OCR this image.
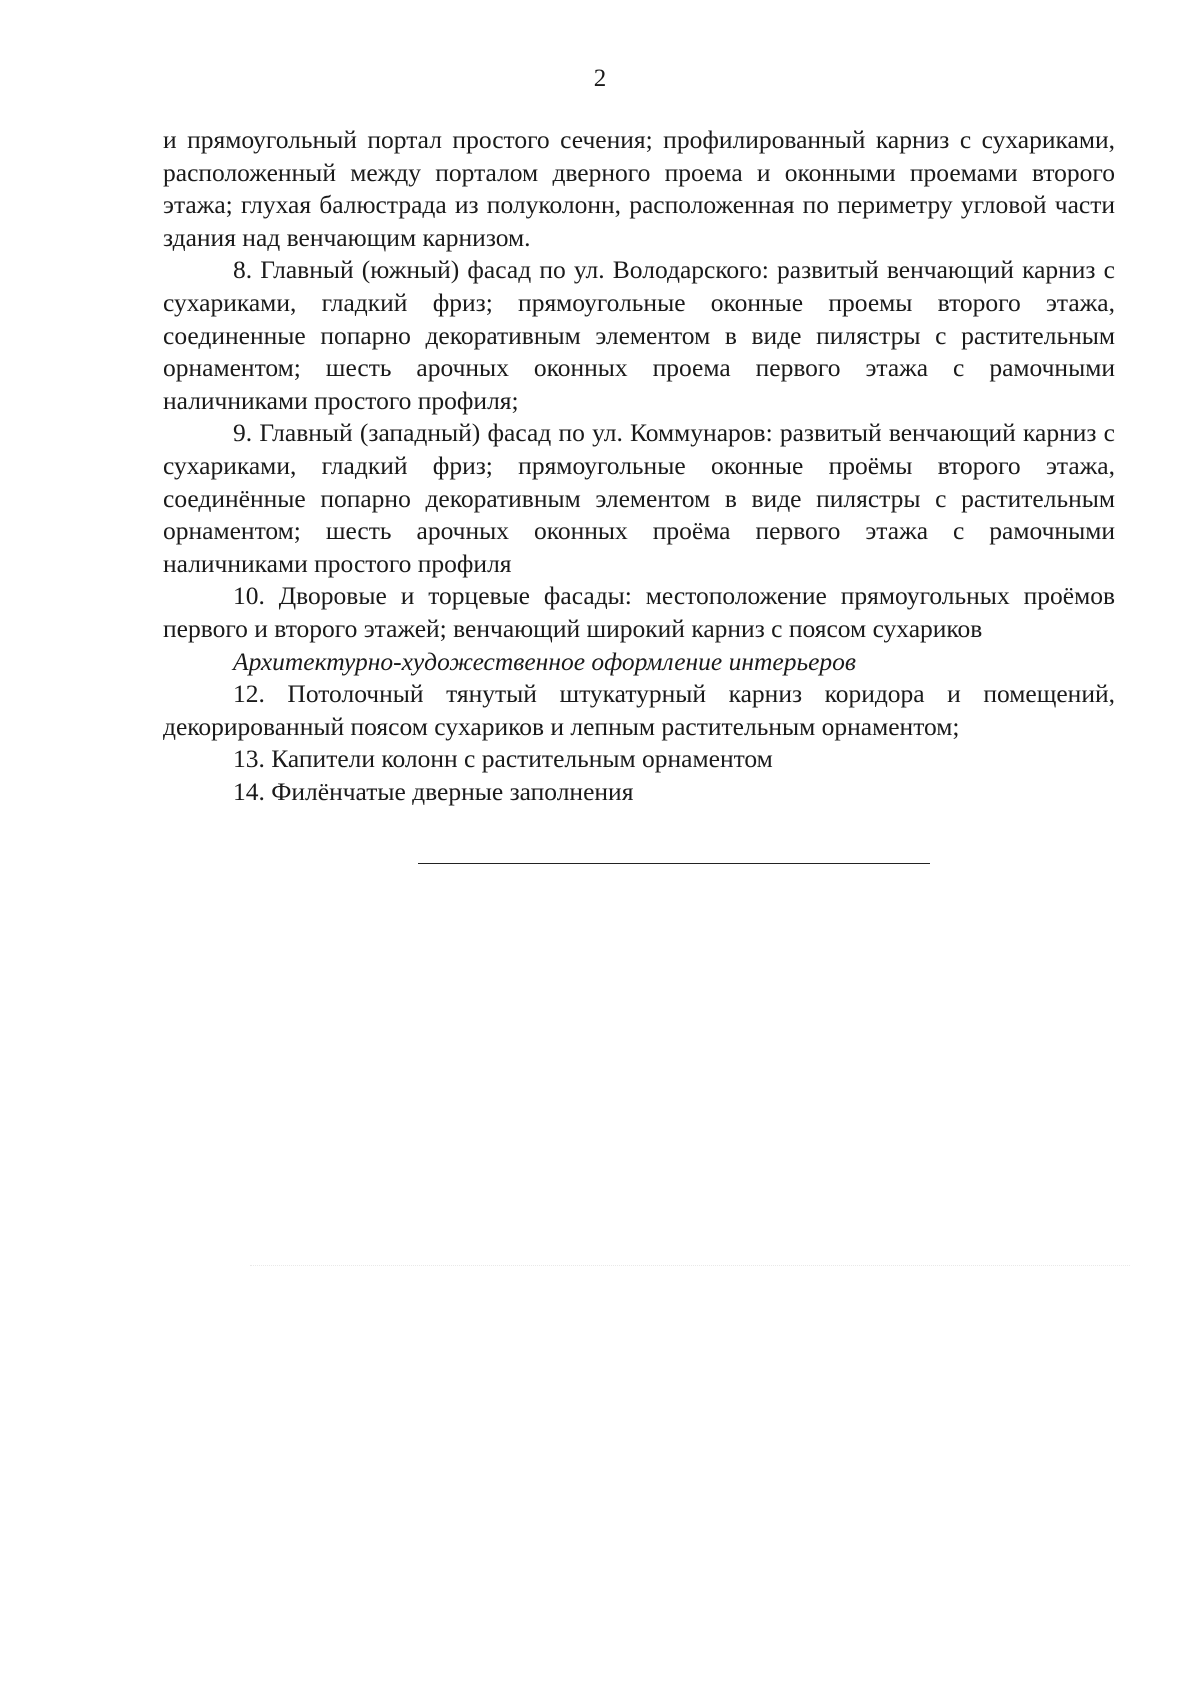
2

и прямоугольный портал простого сечения; профилированный карниз с сухариками, расположенный между порталом дверного проема и оконными проемами второго этажа; глухая балюстрада из полуколонн, расположенная по периметру угловой части здания над венчающим карнизом.

8. Главный (южный) фасад по ул. Володарского: развитый венчающий карниз с сухариками, гладкий фриз; прямоугольные оконные проемы второго этажа, соединенные попарно декоративным элементом в виде пилястры с растительным орнаментом; шесть арочных оконных проема первого этажа с рамочными наличниками простого профиля;

9. Главный (западный) фасад по ул. Коммунаров: развитый венчающий карниз с сухариками, гладкий фриз; прямоугольные оконные проёмы второго этажа, соединённые попарно декоративным элементом в виде пилястры с растительным орнаментом; шесть арочных оконных проёма первого этажа с рамочными наличниками простого профиля

10. Дворовые и торцевые фасады: местоположение прямоугольных проёмов первого и второго этажей; венчающий широкий карниз с поясом сухариков

Архитектурно-художественное оформление интерьеров

12. Потолочный тянутый штукатурный карниз коридора и помещений, декорированный поясом сухариков и лепным растительным орнаментом;

13. Капители колонн с растительным орнаментом

14. Филёнчатые дверные заполнения
